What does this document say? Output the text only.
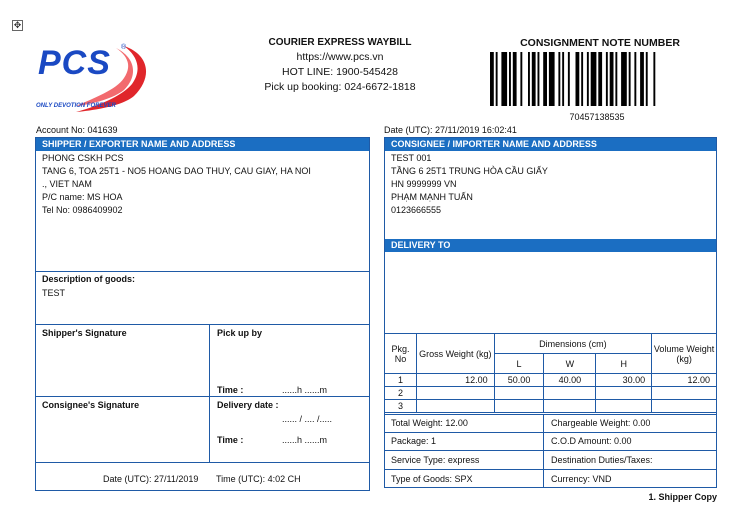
✥
PCS ®
ONLY DEVOTION FOREVER
COURIER EXPRESS WAYBILL
https://www.pcs.vn
HOT LINE: 1900-545428
Pick up booking: 024-6672-1818
CONSIGNMENT NOTE NUMBER
70457138535
Account No: 041639	Date (UTC): 27/11/2019 16:02:41
SHIPPER / EXPORTER NAME AND ADDRESS
PHONG CSKH PCS
TANG 6, TOA 25T1 - NO5 HOANG DAO THUY, CAU GIAY, HA NOI
., VIET NAM
P/C name: MS HOA
Tel No: 0986409902
Description of goods:
TEST
Shipper's Signature	Pick up by
Time :	......h ......m
Consignee's Signature	Delivery date :
...... / .... /.....
Time :	......h ......m
Date (UTC): 27/11/2019 Time (UTC): 4:02 CH
CONSIGNEE / IMPORTER NAME AND ADDRESS
TEST 001
TẦNG 6 25T1 TRUNG HÒA CẦU GIẤY
HN 9999999 VN
PHẠM MẠNH TUẤN
0123666555
DELIVERY TO
Pkg. No	Gross Weight (kg)	Dimensions (cm)			Volume Weight (kg)
		L	W	H	
1	12.00	50.00	40.00	30.00	12.00
2					
3					
Total Weight: 12.00	Chargeable Weight: 0.00
Package: 1	C.O.D Amount: 0.00
Service Type: express	Destination Duties/Taxes:
Type of Goods: SPX	Currency: VND
1. Shipper Copy
